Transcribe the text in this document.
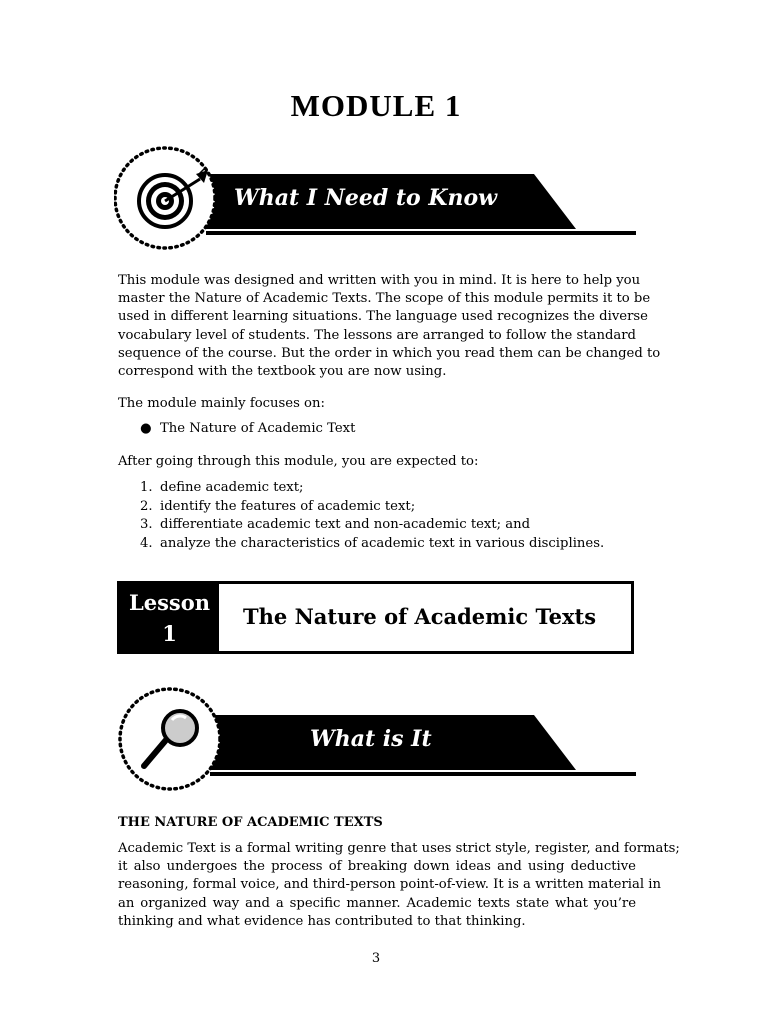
MODULE 1
What I Need to Know
This module was designed and written with you in mind. It is here to help you
master the Nature of Academic Texts. The scope of this module permits it to be
used in different learning situations. The language used recognizes the diverse
vocabulary level of students. The lessons are arranged to follow the standard
sequence of the course. But the order in which you read them can be changed to
correspond with the textbook you are now using.
The module mainly focuses on:
● The Nature of Academic Text
After going through this module, you are expected to:
1. define academic text;
2. identify the features of academic text;
3. differentiate academic text and non-academic text; and
4. analyze the characteristics of academic text in various disciplines.
Lesson
1
The Nature of Academic Texts
What is It
THE NATURE OF ACADEMIC TEXTS
Academic Text is a formal writing genre that uses strict style, register, and formats;
it also undergoes the process of breaking down ideas and using deductive
reasoning, formal voice, and third-person point-of-view. It is a written material in
an organized way and a specific manner. Academic texts state what you’re
thinking and what evidence has contributed to that thinking.
3
